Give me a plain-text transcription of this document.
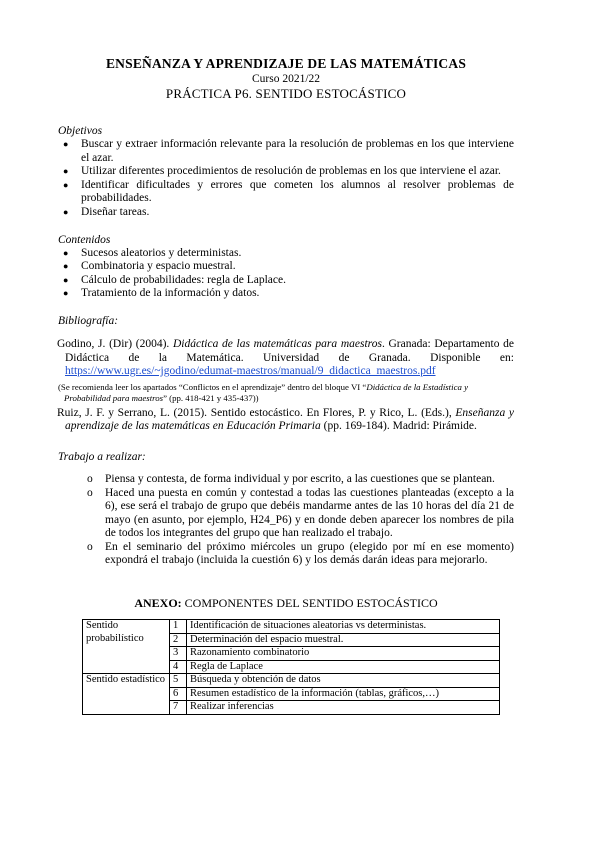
ENSEÑANZA Y APRENDIZAJE DE LAS MATEMÁTICAS
Curso 2021/22
PRÁCTICA P6. SENTIDO ESTOCÁSTICO
Objetivos
● Buscar y extraer información relevante para la resolución de problemas en los que interviene el azar.
● Utilizar diferentes procedimientos de resolución de problemas en los que interviene el azar.
● Identificar dificultades y errores que cometen los alumnos al resolver problemas de probabilidades.
● Diseñar tareas.
Contenidos
● Sucesos aleatorios y deterministas.
● Combinatoria y espacio muestral.
● Cálculo de probabilidades: regla de Laplace.
● Tratamiento de la información y datos.
Bibliografía:
Godino, J. (Dir) (2004). Didáctica de las matemáticas para maestros. Granada: Departamento de Didáctica de la Matemática. Universidad de Granada. Disponible en: https://www.ugr.es/~jgodino/edumat-maestros/manual/9_didactica_maestros.pdf
(Se recomienda leer los apartados “Conflictos en el aprendizaje” dentro del bloque VI “Didáctica de la Estadística y Probabilidad para maestros” (pp. 418-421 y 435-437))
Ruiz, J. F. y Serrano, L. (2015). Sentido estocástico. En Flores, P. y Rico, L. (Eds.), Enseñanza y aprendizaje de las matemáticas en Educación Primaria (pp. 169-184). Madrid: Pirámide.
Trabajo a realizar:
o Piensa y contesta, de forma individual y por escrito, a las cuestiones que se plantean.
o Haced una puesta en común y contestad a todas las cuestiones planteadas (excepto a la 6), ese será el trabajo de grupo que debéis mandarme antes de las 10 horas del día 21 de mayo (en asunto, por ejemplo, H24_P6) y en donde deben aparecer los nombres de pila de todos los integrantes del grupo que han realizado el trabajo.
o En el seminario del próximo miércoles un grupo (elegido por mí en ese momento) expondrá el trabajo (incluida la cuestión 6) y los demás darán ideas para mejorarlo.
ANEXO: COMPONENTES DEL SENTIDO ESTOCÁSTICO
Sentido probabilístico	1	Identificación de situaciones aleatorias vs deterministas.
	2	Determinación del espacio muestral.
	3	Razonamiento combinatorio
	4	Regla de Laplace
Sentido estadístico	5	Búsqueda y obtención de datos
	6	Resumen estadístico de la información (tablas, gráficos,…)
	7	Realizar inferencias
